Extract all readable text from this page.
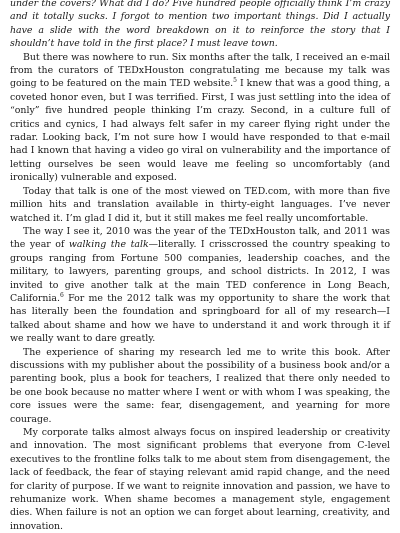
under the covers? What did I do? Five hundred people officially think I’m crazy and it totally sucks. I forgot to mention two important things. Did I actually have a slide with the word breakdown on it to reinforce the story that I shouldn’t have told in the first place? I must leave town.

But there was nowhere to run. Six months after the talk, I received an e-mail from the curators of TEDxHouston congratulating me because my talk was going to be featured on the main TED website.$^5$ I knew that was a good thing, a coveted honor even, but I was terrified. First, I was just settling into the idea of “only” five hundred people thinking I’m crazy. Second, in a culture full of critics and cynics, I had always felt safer in my career flying right under the radar. Looking back, I’m not sure how I would have responded to that e-mail had I known that having a video go viral on vulnerability and the importance of letting ourselves be seen would leave me feeling so uncomfortably (and ironically) vulnerable and exposed.

Today that talk is one of the most viewed on TED.com, with more than five million hits and translation available in thirty-eight languages. I’ve never watched it. I’m glad I did it, but it still makes me feel really uncomfortable.

The way I see it, 2010 was the year of the TEDxHouston talk, and 2011 was the year of walking the talk—literally. I crisscrossed the country speaking to groups ranging from Fortune 500 companies, leadership coaches, and the military, to lawyers, parenting groups, and school districts. In 2012, I was invited to give another talk at the main TED conference in Long Beach, California.$^6$ For me the 2012 talk was my opportunity to share the work that has literally been the foundation and springboard for all of my research—I talked about shame and how we have to understand it and work through it if we really want to dare greatly.

The experience of sharing my research led me to write this book. After discussions with my publisher about the possibility of a business book and/or a parenting book, plus a book for teachers, I realized that there only needed to be one book because no matter where I went or with whom I was speaking, the core issues were the same: fear, disengagement, and yearning for more courage.

My corporate talks almost always focus on inspired leadership or creativity and innovation. The most significant problems that everyone from C-level executives to the frontline folks talk to me about stem from disengagement, the lack of feedback, the fear of staying relevant amid rapid change, and the need for clarity of purpose. If we want to reignite innovation and passion, we have to rehumanize work. When shame becomes a management style, engagement dies. When failure is not an option we can forget about learning, creativity, and innovation.
